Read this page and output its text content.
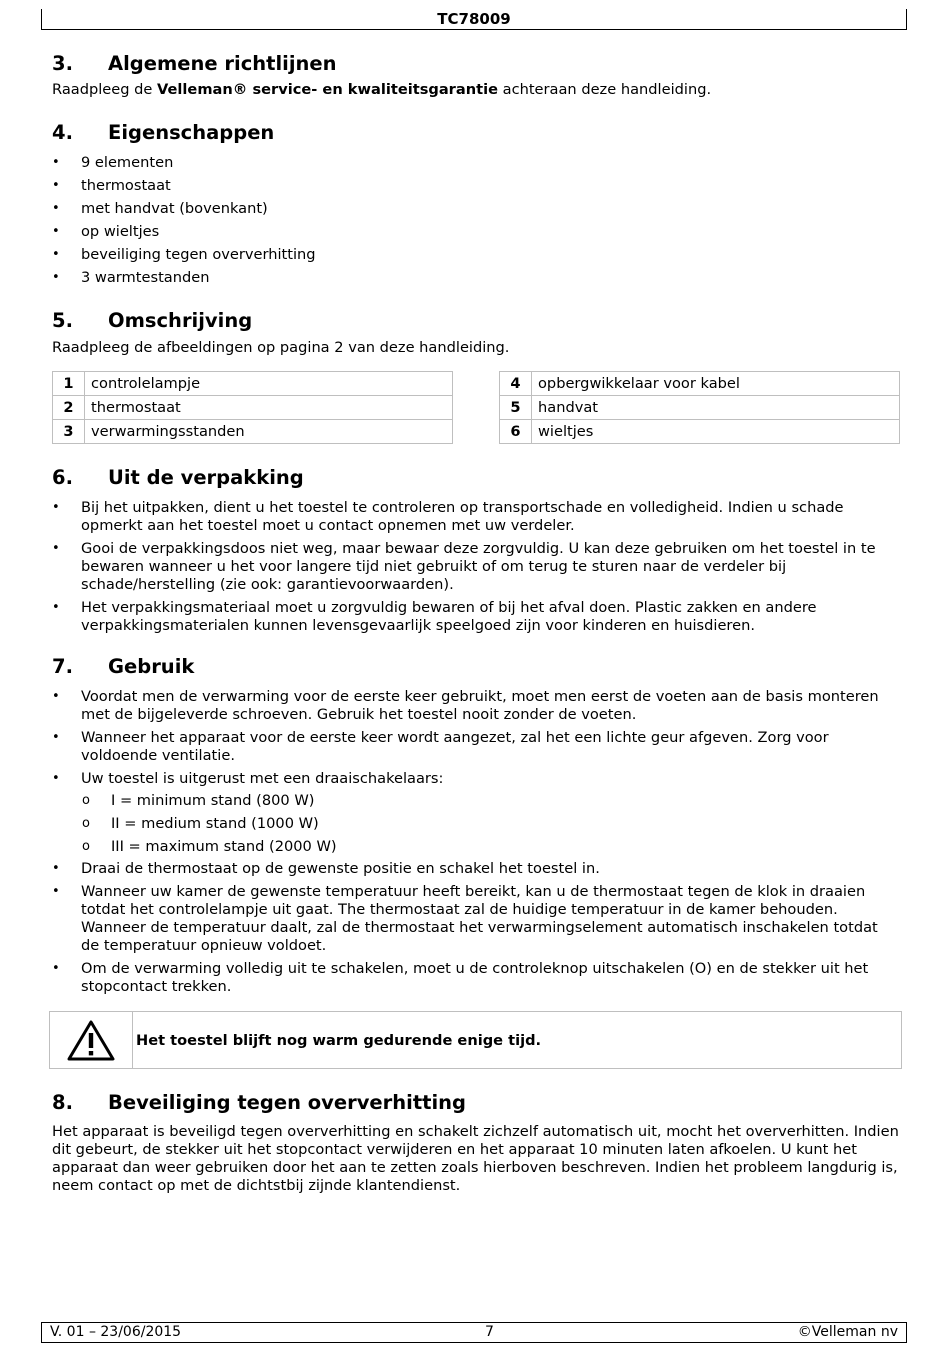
TC78009
3.	Algemene richtlijnen

Raadpleeg de Velleman® service- en kwaliteitsgarantie achteraan deze handleiding.

4.	Eigenschappen
• 9 elementen
• thermostaat
• met handvat (bovenkant)
• op wieltjes
• beveiliging tegen oververhitting
• 3 warmtestanden
5.	Omschrijving

Raadpleeg de afbeeldingen op pagina 2 van deze handleiding.

1	controlelampje
2	thermostaat
3	verwarmingsstanden
4	opbergwikkelaar voor kabel
5	handvat
6	wieltjes
6.	Uit de verpakking
• Bij het uitpakken, dient u het toestel te controleren op transportschade en volledigheid. Indien u schade opmerkt aan het toestel moet u contact opnemen met uw verdeler.
• Gooi de verpakkingsdoos niet weg, maar bewaar deze zorgvuldig. U kan deze gebruiken om het toestel in te bewaren wanneer u het voor langere tijd niet gebruikt of om terug te sturen naar de verdeler bij schade/herstelling (zie ook: garantievoorwaarden).
• Het verpakkingsmateriaal moet u zorgvuldig bewaren of bij het afval doen. Plastic zakken en andere verpakkingsmaterialen kunnen levensgevaarlijk speelgoed zijn voor kinderen en huisdieren.
7.	Gebruik
• Voordat men de verwarming voor de eerste keer gebruikt, moet men eerst de voeten aan de basis monteren met de bijgeleverde schroeven. Gebruik het toestel nooit zonder de voeten.
• Wanneer het apparaat voor de eerste keer wordt aangezet, zal het een lichte geur afgeven. Zorg voor voldoende ventilatie.
• Uw toestel is uitgerust met een draaischakelaars:
o I = minimum stand (800 W)
o II = medium stand (1000 W)
o III = maximum stand (2000 W)
• Draai de thermostaat op de gewenste positie en schakel het toestel in.
• Wanneer uw kamer de gewenste temperatuur heeft bereikt, kan u de thermostaat tegen de klok in draaien totdat het controlelampje uit gaat. The thermostaat zal de huidige temperatuur in de kamer behouden. Wanneer de temperatuur daalt, zal de thermostaat het verwarmingselement automatisch inschakelen totdat de temperatuur opnieuw voldoet.
• Om de verwarming volledig uit te schakelen, moet u de controleknop uitschakelen (O) en de stekker uit het stopcontact trekken.
Het toestel blijft nog warm gedurende enige tijd.
8.	Beveiliging tegen oververhitting

Het apparaat is beveiligd tegen oververhitting en schakelt zichzelf automatisch uit, mocht het oververhitten. Indien dit gebeurt, de stekker uit het stopcontact verwijderen en het apparaat 10 minuten laten afkoelen. U kunt het apparaat dan weer gebruiken door het aan te zetten zoals hierboven beschreven. Indien het probleem langdurig is, neem contact op met de dichtstbij zijnde klantendienst.

V. 01 – 23/06/2015	7	©Velleman nv
